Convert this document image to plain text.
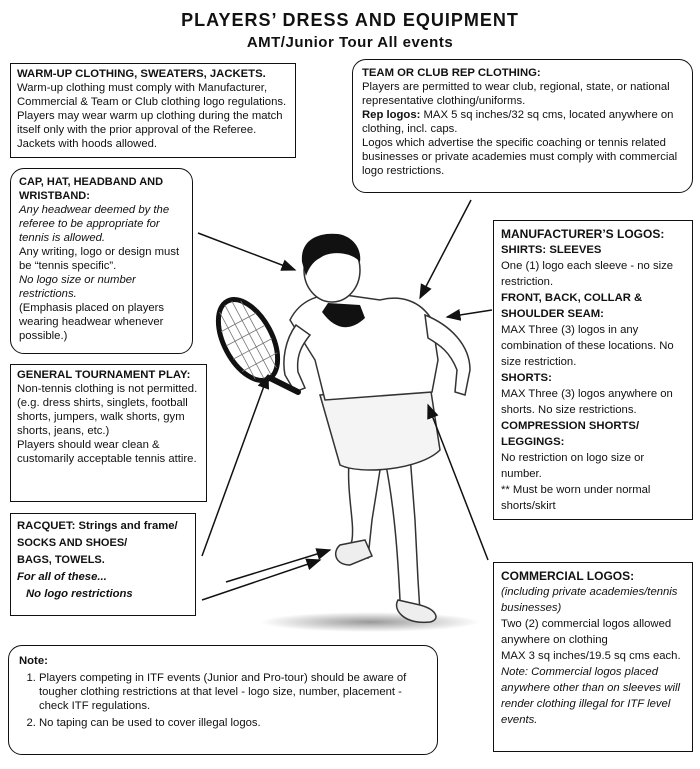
PLAYERS’ DRESS AND EQUIPMENT
AMT/Junior Tour All events
WARM-UP CLOTHING, SWEATERS, JACKETS.
Warm-up clothing must comply with Manufacturer, Commercial & Team or Club clothing logo regulations. Players may wear warm up clothing during the match itself only with the prior approval of the Referee. Jackets with hoods allowed.
TEAM OR CLUB REP CLOTHING:
Players are permitted to wear club, regional, state, or national representative clothing/uniforms.
Rep logos: MAX 5 sq inches/32 sq cms, located anywhere on clothing, incl. caps.
Logos which advertise the specific coaching or tennis related businesses or private academies must comply with commercial logo restrictions.
CAP, HAT, HEADBAND AND WRISTBAND:
Any headwear deemed by the referee to be appropriate for tennis is allowed.
Any writing, logo or design must be “tennis specific”.
No logo size or number restrictions.
(Emphasis placed on players wearing headwear whenever possible.)
GENERAL TOURNAMENT PLAY:
Non-tennis clothing is not permitted.
(e.g. dress shirts, singlets, football shorts, jumpers, walk shorts, gym shorts, jeans, etc.)
Players should wear clean & customarily acceptable tennis attire.
RACQUET: Strings and frame/
SOCKS AND SHOES/
BAGS, TOWELS.
For all of these...
No logo restrictions
MANUFACTURER’S LOGOS:
SHIRTS: SLEEVES
One (1) logo each sleeve - no size restriction.
FRONT, BACK, COLLAR & SHOULDER SEAM:
MAX Three (3) logos in any combination of these locations. No size restriction.
SHORTS:
MAX Three (3) logos anywhere on shorts. No size restrictions.
COMPRESSION SHORTS/ LEGGINGS:
No restriction on logo size or number.
** Must be worn under normal shorts/skirt
COMMERCIAL LOGOS:
(including private academies/tennis businesses)
Two (2) commercial logos allowed anywhere on clothing
MAX 3 sq inches/19.5 sq cms each.
Note: Commercial logos placed anywhere other than on sleeves will render clothing illegal for ITF level events.
Note:
1. Players competing in ITF events (Junior and Pro-tour) should be aware of tougher clothing restrictions at that level - logo size, number, placement - check ITF regulations.
2. No taping can be used to cover illegal logos.
